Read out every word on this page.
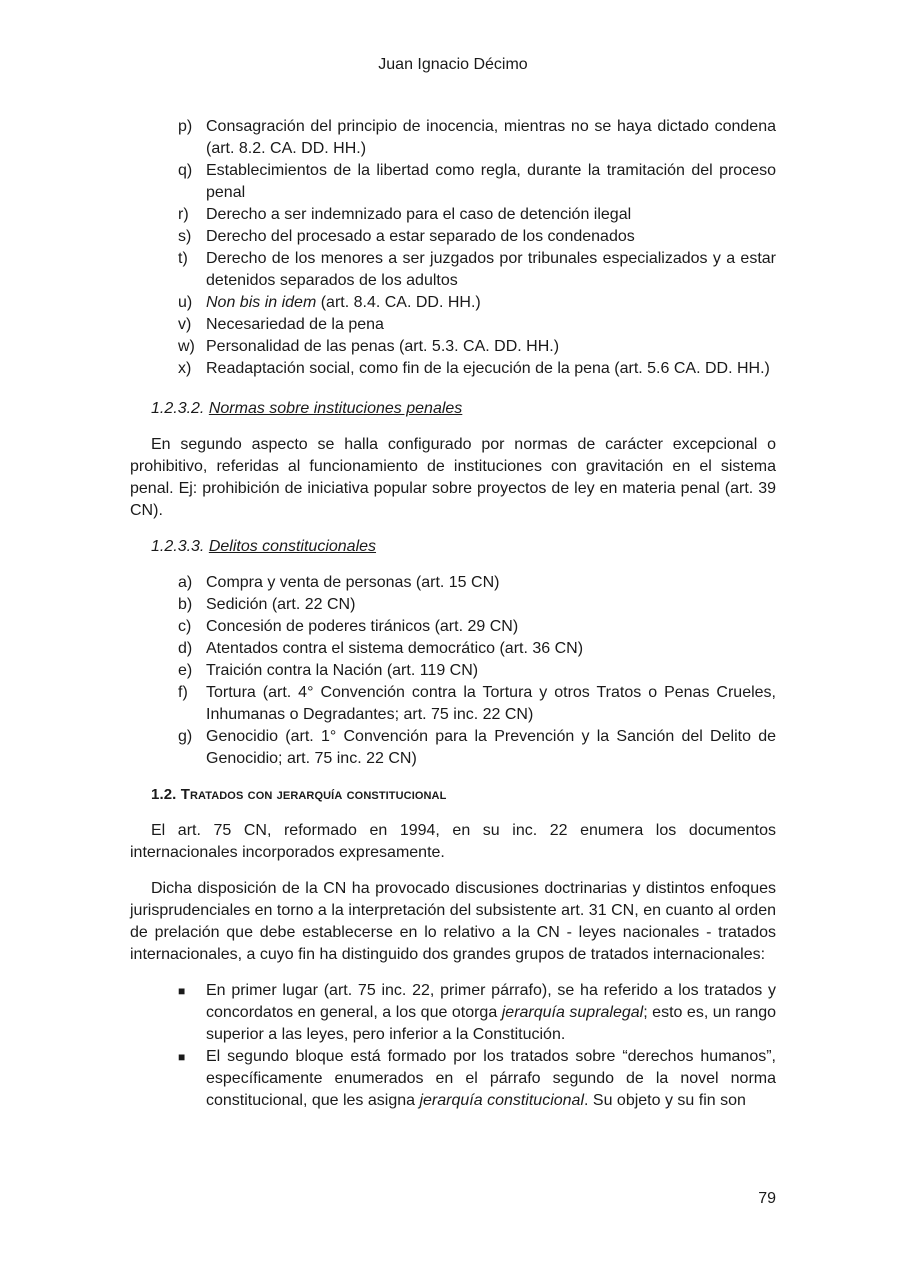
Juan Ignacio Décimo
p) Consagración del principio de inocencia, mientras no se haya dictado condena (art. 8.2. CA. DD. HH.)
q) Establecimientos de la libertad como regla, durante la tramitación del proceso penal
r) Derecho a ser indemnizado para el caso de detención ilegal
s) Derecho del procesado a estar separado de los condenados
t) Derecho de los menores a ser juzgados por tribunales especializados y a estar detenidos separados de los adultos
u) Non bis in idem (art. 8.4. CA. DD. HH.)
v) Necesariedad de la pena
w) Personalidad de las penas (art. 5.3. CA. DD. HH.)
x) Readaptación social, como fin de la ejecución de la pena (art. 5.6 CA. DD. HH.)
1.2.3.2. Normas sobre instituciones penales

En segundo aspecto se halla configurado por normas de carácter excepcional o prohibitivo, referidas al funcionamiento de instituciones con gravitación en el sistema penal. Ej: prohibición de iniciativa popular sobre proyectos de ley en materia penal (art. 39 CN).

1.2.3.3. Delitos constitucionales
a) Compra y venta de personas (art. 15 CN)
b) Sedición (art. 22 CN)
c) Concesión de poderes tiránicos (art. 29 CN)
d) Atentados contra el sistema democrático (art. 36 CN)
e) Traición contra la Nación (art. 119 CN)
f) Tortura (art. 4° Convención contra la Tortura y otros Tratos o Penas Crueles, Inhumanas o Degradantes; art. 75 inc. 22 CN)
g) Genocidio (art. 1° Convención para la Prevención y la Sanción del Delito de Genocidio; art. 75 inc. 22 CN)
1.2. Tratados con jerarquía constitucional

El art. 75 CN, reformado en 1994, en su inc. 22 enumera los documentos internacionales incorporados expresamente.

Dicha disposición de la CN ha provocado discusiones doctrinarias y distintos enfoques jurisprudenciales en torno a la interpretación del subsistente art. 31 CN, en cuanto al orden de prelación que debe establecerse en lo relativo a la CN - leyes nacionales - tratados internacionales, a cuyo fin ha distinguido dos grandes grupos de tratados internacionales:

■ En primer lugar (art. 75 inc. 22, primer párrafo), se ha referido a los tratados y concordatos en general, a los que otorga jerarquía supralegal; esto es, un rango superior a las leyes, pero inferior a la Constitución.
■ El segundo bloque está formado por los tratados sobre “derechos humanos”, específicamente enumerados en el párrafo segundo de la novel norma constitucional, que les asigna jerarquía constitucional. Su objeto y su fin son
79
